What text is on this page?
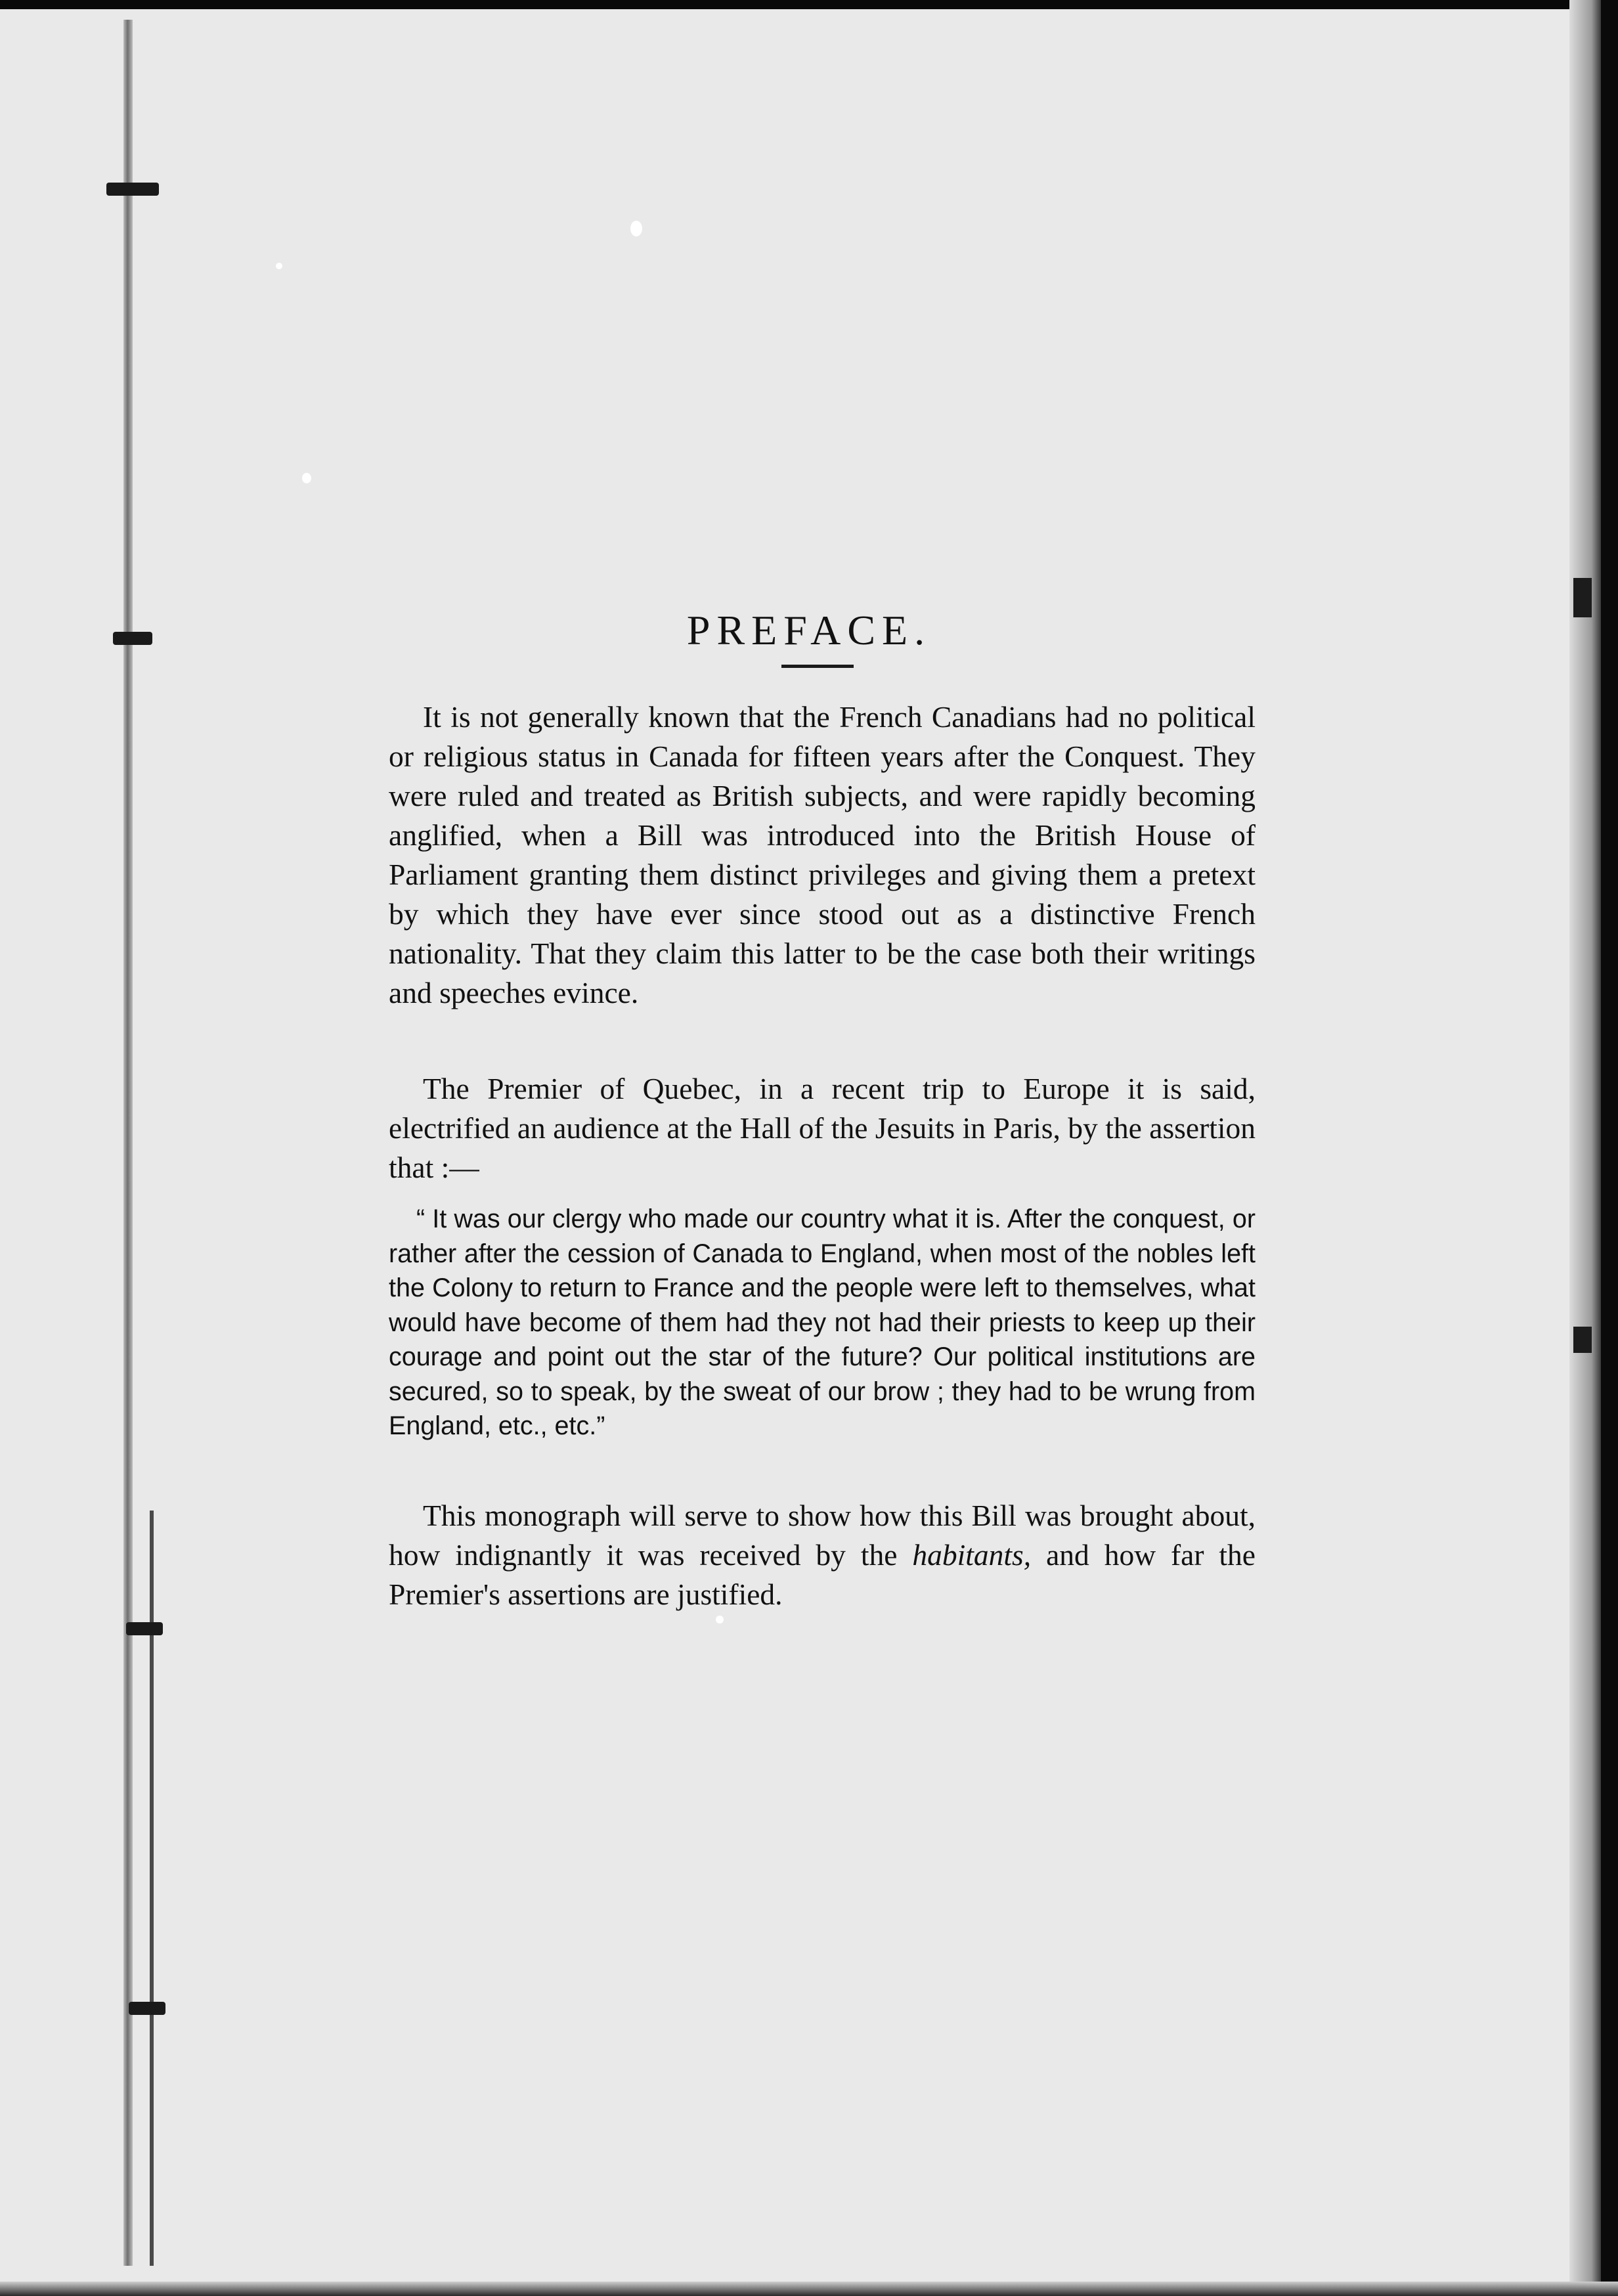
PREFACE.

It is not generally known that the French Canadians had no political or religious status in Canada for fifteen years after the Conquest. They were ruled and treated as British subjects, and were rapidly becoming anglified, when a Bill was introduced into the British House of Parliament granting them distinct privileges and giving them a pretext by which they have ever since stood out as a distinctive French nationality. That they claim this latter to be the case both their writings and speeches evince.

The Premier of Quebec, in a recent trip to Europe it is said, electrified an audience at the Hall of the Jesuits in Paris, by the assertion that :—

“ It was our clergy who made our country what it is. After the conquest, or rather after the cession of Canada to England, when most of the nobles left the Colony to return to France and the people were left to themselves, what would have become of them had they not had their priests to keep up their courage and point out the star of the future? Our political institutions are secured, so to speak, by the sweat of our brow ; they had to be wrung from England, etc., etc.”

This monograph will serve to show how this Bill was brought about, how indignantly it was received by the habitants, and how far the Premier's assertions are justified.
